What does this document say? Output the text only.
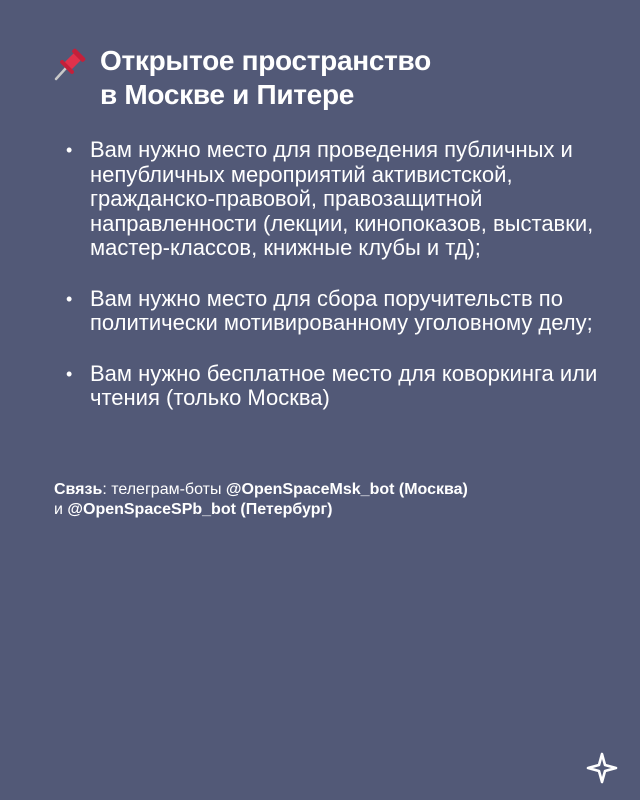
Открытое пространство
в Москве и Питере
• Вам нужно место для проведения публичных и непубличных мероприятий активистской, гражданско-правовой, правозащитной направленности (лекции, кинопоказов, выставки, мастер-классов, книжные клубы и тд);
• Вам нужно место для сбора поручительств по политически мотивированному уголовному делу;
• Вам нужно бесплатное место для коворкинга или чтения (только Москва)
Связь: телеграм-боты @OpenSpaceMsk_bot (Москва)
и @OpenSpaceSPb_bot (Петербург)
